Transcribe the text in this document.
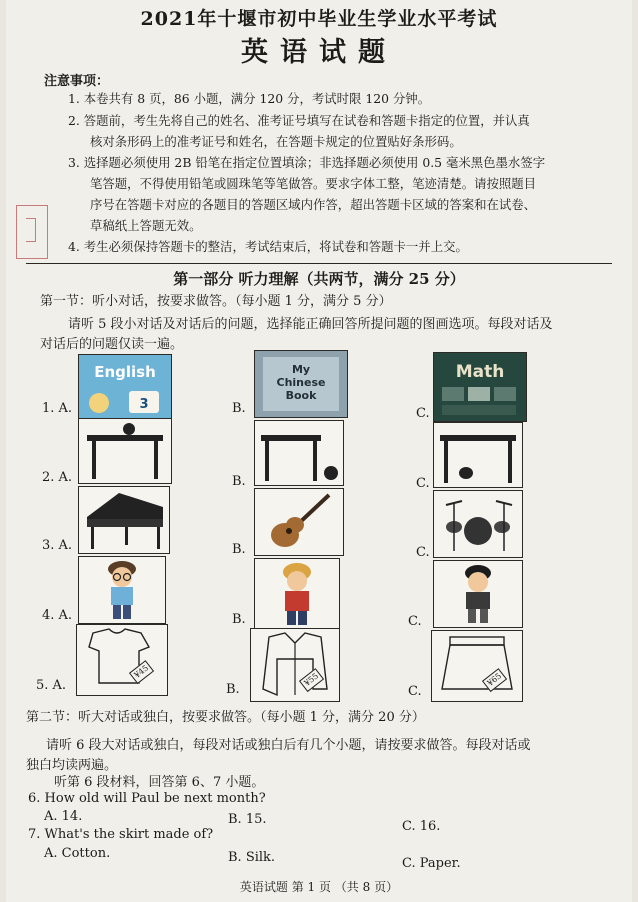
2021年十堰市初中毕业生学业水平考试
英语试题
注意事项：
1. 本卷共有 8 页，86 小题，满分 120 分，考试时限 120 分钟。
2. 答题前，考生先将自己的姓名、准考证号填写在试卷和答题卡指定的位置，并认真
核对条形码上的准考证号和姓名，在答题卡规定的位置贴好条形码。
3. 选择题必须使用 2B 铅笔在指定位置填涂；非选择题必须使用 0.5 毫米黑色墨水签字
笔答题，不得使用铅笔或圆珠笔等笔做答。要求字体工整，笔迹清楚。请按照题目
序号在答题卡对应的各题目的答题区域内作答，超出答题卡区域的答案和在试卷、
草稿纸上答题无效。
4. 考生必须保持答题卡的整洁，考试结束后，将试卷和答题卡一并上交。
第一部分 听力理解（共两节，满分 25 分）
第一节：听小对话，按要求做答。（每小题 1 分，满分 5 分）
请听 5 段小对话及对话后的问题，选择能正确回答所提问题的图画选项。每段对话及
对话后的问题仅读一遍。
1. A.	3
English
B.
My
Chinese
Book
C.
Math
2. A.	B.	C.
3. A.	B.	C.
4. A.	B.	C.
5. A.
¥45
B.
¥55
C.
¥65
第二节：听大对话或独白，按要求做答。（每小题 1 分，满分 20 分）
请听 6 段大对话或独白，每段对话或独白后有几个小题，请按要求做答。每段对话或
独白均读两遍。
听第 6 段材料，回答第 6、7 小题。
6. How old will Paul be next month?
A. 14.	B. 15.	C. 16.
7. What's the skirt made of?
A. Cotton.	B. Silk.	C. Paper.
英语试题 第 1 页 （共 8 页）
